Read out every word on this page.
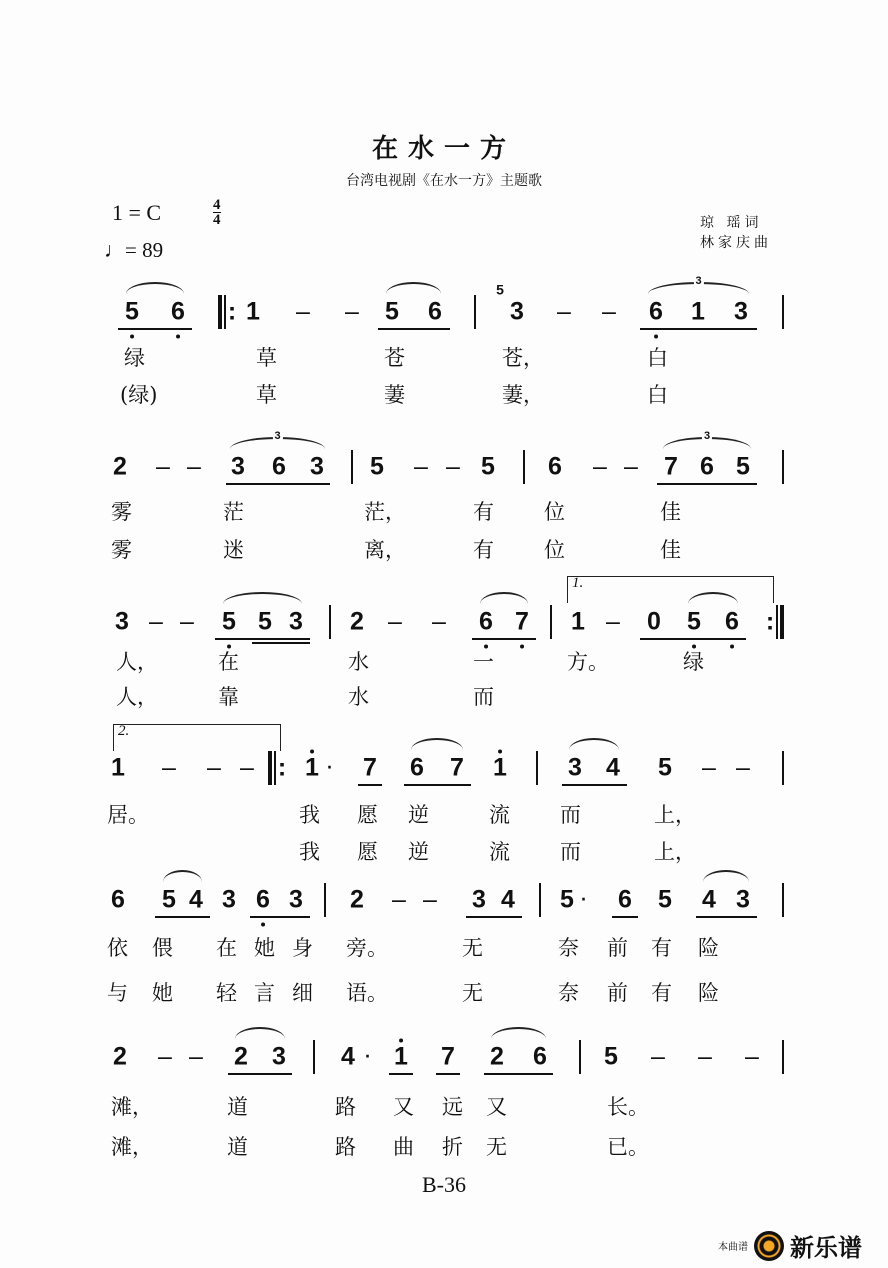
在水一方
台湾电视剧《在水一方》主题歌
1 = C	4
4
♩= 89
琼 瑶词
林家庆曲
5 6 : 1 – – 5 6
5
3 – – 6 1 3
绿	草	苍	苍，	白
(绿)	草	萋	萋，	白
2 – – 3 6 3 5 – – 5 6 – – 7 6 5
雾	茫	茫，	有 位	佳
雾	迷	离，	有 位	佳
3 – – 5 5 3 2 – – 6 7 1 – 0 5 6 :
人，	在	水	一	方。	绿
人，	靠	水	而
1 – – – : 1 · 7 6 7 1 3 4 5 – –
居。	我 愿 逆	流 而	上，
我 愿 逆	流 而	上，
6 5 4 3 6 3 2 – – 3 4 5 · 6 5 4 3
依 偎 在 她 身 旁。	无	奈 前 有 险
与 她 轻 言 细 语。	无	奈 前 有 险
2 – – 2 3 4 · 1 7 2 6 5 – – –
滩，	道	路 又 远 又	长。
滩，	道	路 曲 折 无	已。
3
3	3
1.
2.
B-36
本曲谱 新乐谱
